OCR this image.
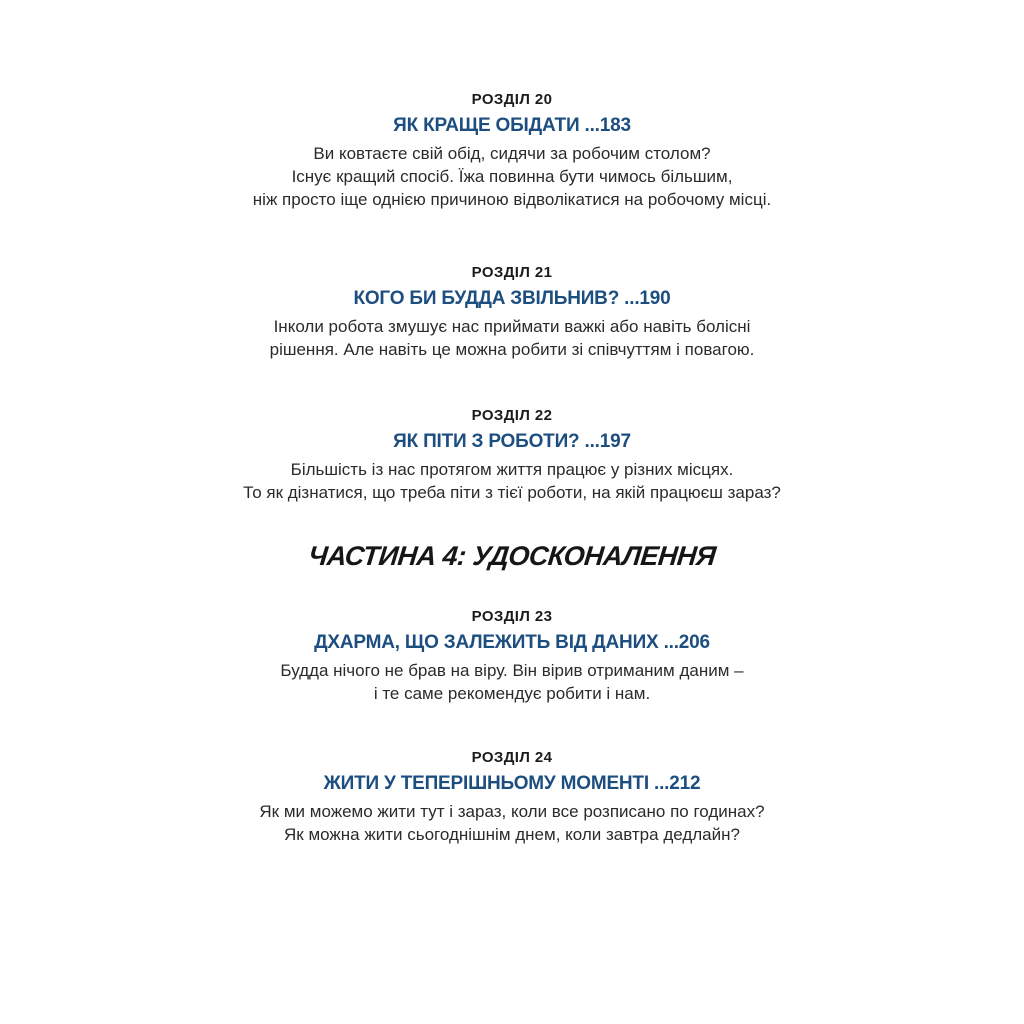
РОЗДІЛ 20
ЯК КРАЩЕ ОБІДАТИ ...183
Ви ковтаєте свій обід, сидячи за робочим столом?
Існує кращий спосіб. Їжа повинна бути чимось більшим,
ніж просто іще однією причиною відволікатися на робочому місці.
РОЗДІЛ 21
КОГО БИ БУДДА ЗВІЛЬНИВ? ...190
Інколи робота змушує нас приймати важкі або навіть болісні
рішення. Але навіть це можна робити зі співчуттям і повагою.
РОЗДІЛ 22
ЯК ПІТИ З РОБОТИ? ...197
Більшість із нас протягом життя працює у різних місцях.
То як дізнатися, що треба піти з тієї роботи, на якій працюєш зараз?
ЧАСТИНА 4: УДОСКОНАЛЕННЯ
РОЗДІЛ 23
ДХАРМА, ЩО ЗАЛЕЖИТЬ ВІД ДАНИХ ...206
Будда нічого не брав на віру. Він вірив отриманим даним –
і те саме рекомендує робити і нам.
РОЗДІЛ 24
ЖИТИ У ТЕПЕРІШНЬОМУ МОМЕНТІ ...212
Як ми можемо жити тут і зараз, коли все розписано по годинах?
Як можна жити сьогоднішнім днем, коли завтра дедлайн?
